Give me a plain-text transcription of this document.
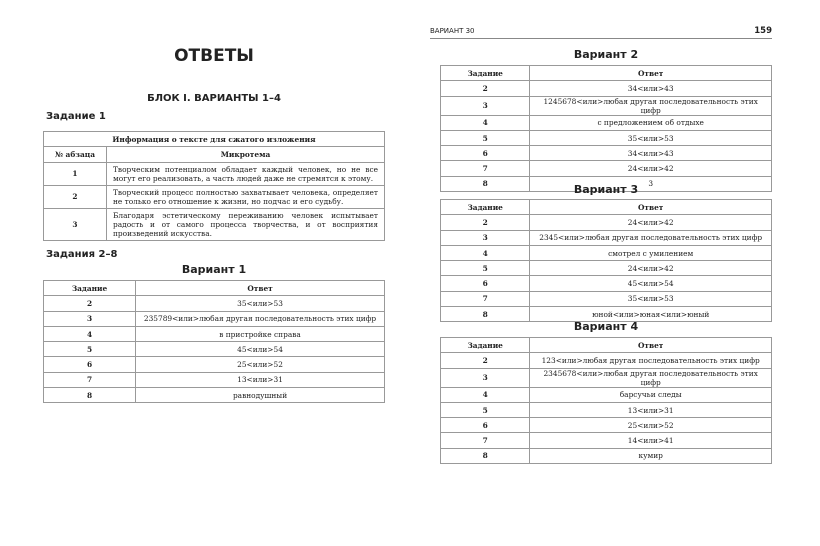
ОТВЕТЫ
БЛОК I. ВАРИАНТЫ 1–4
Задание 1
Информация о тексте для сжатого изложения	
№ абзаца	Микротема
1	Творческим потенциалом обладает каждый человек, но не все могут его реализовать, а часть людей даже не стремятся к этому.
2	Творческий процесс полностью захватывает человека, определяет не только его отношение к жизни, но подчас и его судьбу.
3	Благодаря эстетическому переживанию человек испытывает радость и от самого процесса творчества, и от восприятия произведений искусства.
Задания 2–8
Вариант 1
Задание	Ответ
2	35<или>53
3	235789<или>любая другая последовательность этих цифр
4	в пристройке справа
5	45<или>54
6	25<или>52
7	13<или>31
8	равнодушный
ВАРИАНТ 30	159
Вариант 2
Задание	Ответ
2	34<или>43
3	1245678<или>любая другая последовательность этих цифр
4	с предложением об отдыхе
5	35<или>53
6	34<или>43
7	24<или>42
8	3
Вариант 3
Задание	Ответ
2	24<или>42
3	2345<или>любая другая последовательность этих цифр
4	смотрел с умилением
5	24<или>42
6	45<или>54
7	35<или>53
8	юной<или>юная<или>юный
Вариант 4
Задание	Ответ
2	123<или>любая другая последовательность этих цифр
3	2345678<или>любая другая последовательность этих цифр
4	барсучьи следы
5	13<или>31
6	25<или>52
7	14<или>41
8	кумир
